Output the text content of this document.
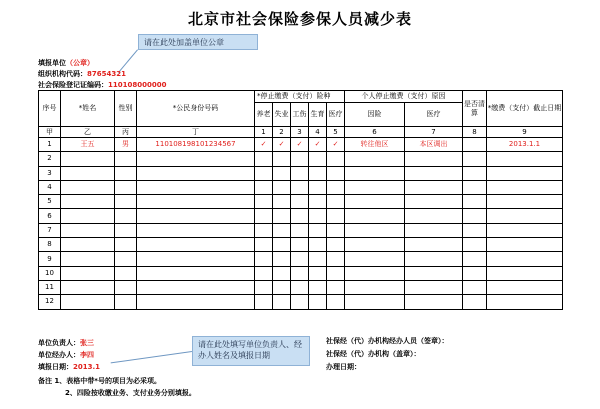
北京市社会保险参保人员减少表
请在此处加盖单位公章
填报单位（公章）
组织机构代码：87654321
社会保险登记证编码：110108000000
序号	*姓名	性别	*公民身份号码	*停止缴费（支付）险种					个人停止缴费（支付）原因		是否清算	*缴费（支付）截止日期
				养老	失业	工伤	生育	医疗	因险	医疗		
甲	乙	丙	丁	1	2	3	4	5	6	7	8	9
1	王五	男	110108198101234567	✓	✓	✓	✓	✓	转往他区	本区调出		2013.1.1
2												
3												
4												
5												
6												
7												
8												
9												
10												
11												
12												
请在此处填写单位负责人、经办人姓名及填报日期
单位负责人：张三
单位经办人：李四
填报日期：2013.1
社保经（代）办机构经办人员（签章）：
社保经（代）办机构（盖章）：
办理日期：
备注 1、表格中带*号的项目为必采项。
2、四险按收缴业务、支付业务分别填报。
